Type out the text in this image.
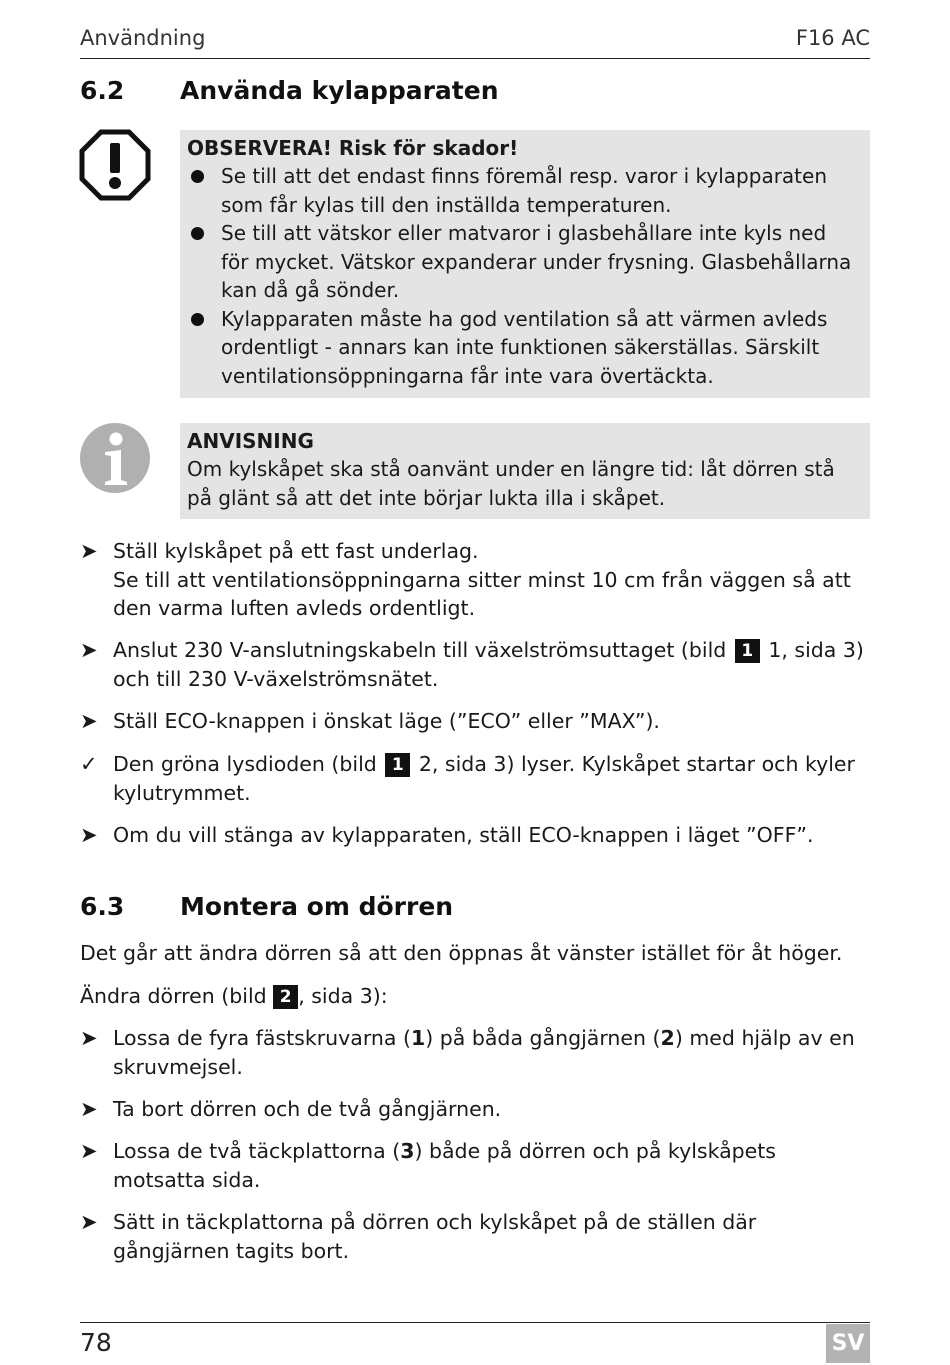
Användning	F16 AC
6.2 Använda kylapparaten
OBSERVERA! Risk för skador!
Se till att det endast finns föremål resp. varor i kylapparaten som får kylas till den inställda temperaturen.
Se till att vätskor eller matvaror i glasbehållare inte kyls ned för mycket. Vätskor expanderar under frysning. Glasbehållarna kan då gå sönder.
Kylapparaten måste ha god ventilation så att värmen avleds ordentligt - annars kan inte funktionen säkerställas. Särskilt ventilationsöppningarna får inte vara övertäckta.
ANVISNING
Om kylskåpet ska stå oanvänt under en längre tid: låt dörren stå på glänt så att det inte börjar lukta illa i skåpet.
➤ Ställ kylskåpet på ett fast underlag.
Se till att ventilationsöppningarna sitter minst 10 cm från väggen så att den varma luften avleds ordentligt.
➤ Anslut 230 V-anslutningskabeln till växelströmsuttaget (bild 1 1, sida 3) och till 230 V-växelströmsnätet.
➤ Ställ ECO-knappen i önskat läge (”ECO” eller ”MAX”).
✓ Den gröna lysdioden (bild 1 2, sida 3) lyser. Kylskåpet startar och kyler kylutrymmet.
➤ Om du vill stänga av kylapparaten, ställ ECO-knappen i läget ”OFF”.
6.3 Montera om dörren
Det går att ändra dörren så att den öppnas åt vänster istället för åt höger.
Ändra dörren (bild 2 , sida 3):
➤ Lossa de fyra fästskruvarna (1) på båda gångjärnen (2) med hjälp av en skruvmejsel.
➤ Ta bort dörren och de två gångjärnen.
➤ Lossa de två täckplattorna (3) både på dörren och på kylskåpets motsatta sida.
➤ Sätt in täckplattorna på dörren och kylskåpet på de ställen där gångjärnen tagits bort.
78	SV
